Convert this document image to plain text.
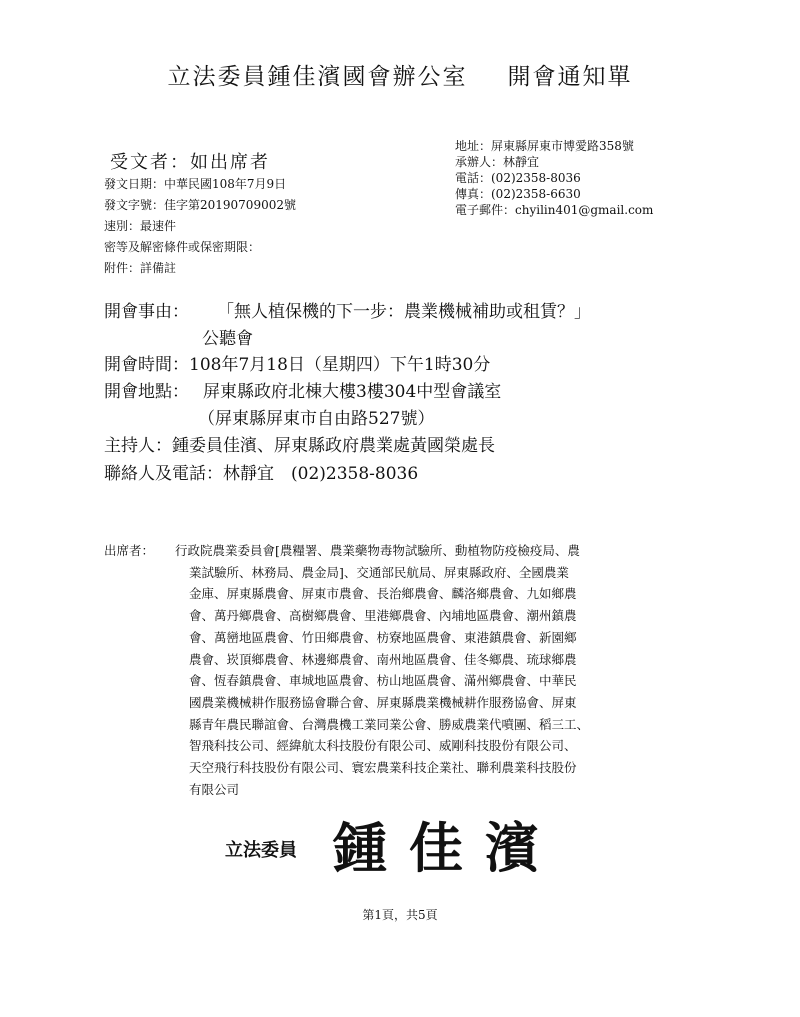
立法委員鍾佳濱國會辦公室 開會通知單
受文者：如出席者
發文日期：中華民國108年7月9日
發文字號：佳字第20190709002號
速別：最速件
密等及解密條件或保密期限：
附件：詳備註
地址：屏東縣屏東市博愛路358號
承辦人：林靜宜
電話：(02)2358-8036
傳真：(02)2358-6630
電子郵件：chyilin401@gmail.com
開會事由： 「無人植保機的下一步：農業機械補助或租賃？」
公聽會
開會時間：108年7月18日（星期四）下午1時30分
開會地點： 屏東縣政府北棟大樓3樓304中型會議室
（屏東縣屏東市自由路527號）
主持人：鍾委員佳濱、屏東縣政府農業處黃國榮處長
聯絡人及電話：林靜宜　(02)2358-8036
出席者： 行政院農業委員會[農糧署、農業藥物毒物試驗所、動植物防疫檢疫局、農
業試驗所、林務局、農金局]、交通部民航局、屏東縣政府、全國農業
金庫、屏東縣農會、屏東市農會、長治鄉農會、麟洛鄉農會、九如鄉農
會、萬丹鄉農會、高樹鄉農會、里港鄉農會、內埔地區農會、潮州鎮農
會、萬巒地區農會、竹田鄉農會、枋寮地區農會、東港鎮農會、新園鄉
農會、崁頂鄉農會、林邊鄉農會、南州地區農會、佳冬鄉農、琉球鄉農
會、恆春鎮農會、車城地區農會、枋山地區農會、滿州鄉農會、中華民
國農業機械耕作服務協會聯合會、屏東縣農業機械耕作服務協會、屏東
縣青年農民聯誼會、台灣農機工業同業公會、勝威農業代噴團、稻三工、
智飛科技公司、經緯航太科技股份有限公司、威剛科技股份有限公司、
天空飛行科技股份有限公司、寰宏農業科技企業社、聯利農業科技股份
有限公司
立法委員 鍾佳濱
第1頁，共5頁
